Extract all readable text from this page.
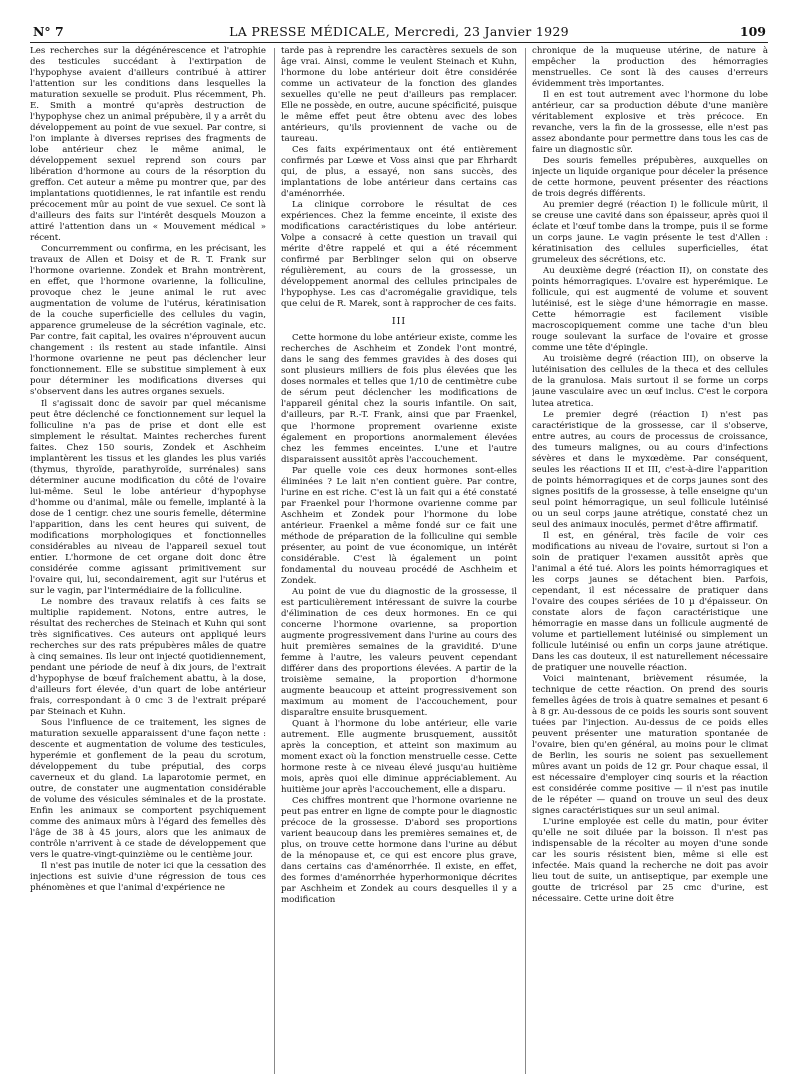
N° 7	LA PRESSE MÉDICALE, Mercredi, 23 Janvier 1929	109

Les recherches sur la dégénérescence et l'atrophie des testicules succédant à l'extirpation de l'hypophyse avaient d'ailleurs contribué à attirer l'attention sur les conditions dans lesquelles la maturation sexuelle se produit. Plus récemment, Ph. E. Smith a montré qu'après destruction de l'hypophyse chez un animal prépubère, il y a arrêt du développement au point de vue sexuel. Par contre, si l'on implante à diverses reprises des fragments de lobe antérieur chez le même animal, le développement sexuel reprend son cours par libération d'hormone au cours de la résorption du greffon. Cet auteur a même pu montrer que, par des implantations quotidiennes, le rat infantile est rendu précocement mûr au point de vue sexuel. Ce sont là d'ailleurs des faits sur l'intérêt desquels Mouzon a attiré l'attention dans un « Mouvement médical » récent.

Concurremment ou confirma, en les précisant, les travaux de Allen et Doisy et de R. T. Frank sur l'hormone ovarienne. Zondek et Brahn montrèrent, en effet, que l'hormone ovarienne, la folliculine, provoque chez le jeune animal le rut avec augmentation de volume de l'utérus, kératinisation de la couche superficielle des cellules du vagin, apparence grumeleuse de la sécrétion vaginale, etc. Par contre, fait capital, les ovaires n'éprouvent aucun changement : ils restent au stade infantile. Ainsi l'hormone ovarienne ne peut pas déclencher leur fonctionnement. Elle se substitue simplement à eux pour déterminer les modifications diverses qui s'observent dans les autres organes sexuels.

Il s'agissait donc de savoir par quel mécanisme peut être déclenché ce fonctionnement sur lequel la folliculine n'a pas de prise et dont elle est simplement le résultat. Maintes recherches furent faites. Chez 150 souris, Zondek et Aschheim implantèrent les tissus et les glandes les plus variés (thymus, thyroïde, parathyroïde, surrénales) sans déterminer aucune modification du côté de l'ovaire lui-même. Seul le lobe antérieur d'hypophyse d'homme ou d'animal, mâle ou femelle, implanté à la dose de 1 centigr. chez une souris femelle, détermine l'apparition, dans les cent heures qui suivent, de modifications morphologiques et fonctionnelles considérables au niveau de l'appareil sexuel tout entier. L'hormone de cet organe doit donc être considérée comme agissant primitivement sur l'ovaire qui, lui, secondairement, agit sur l'utérus et sur le vagin, par l'intermédiaire de la folliculine.

Le nombre des travaux relatifs à ces faits se multiplie rapidement. Notons, entre autres, le résultat des recherches de Steinach et Kuhn qui sont très significatives. Ces auteurs ont appliqué leurs recherches sur des rats prépubères mâles de quatre à cinq semaines. Ils leur ont injecté quotidiennement, pendant une période de neuf à dix jours, de l'extrait d'hypophyse de bœuf fraîchement abattu, à la dose, d'ailleurs fort élevée, d'un quart de lobe antérieur frais, correspondant à 0 cmc 3 de l'extrait préparé par Steinach et Kuhn.

Sous l'influence de ce traitement, les signes de maturation sexuelle apparaissent d'une façon nette : descente et augmentation de volume des testicules, hyperémie et gonflement de la peau du scrotum, développement du tube préputial, des corps caverneux et du gland. La laparotomie permet, en outre, de constater une augmentation considérable de volume des vésicules séminales et de la prostate. Enfin les animaux se comportent psychiquement comme des animaux mûrs à l'égard des femelles dès l'âge de 38 à 45 jours, alors que les animaux de contrôle n'arrivent à ce stade de développement que vers le quatre-vingt-quinzième ou le centième jour.

Il n'est pas inutile de noter ici que la cessation des injections est suivie d'une régression de tous ces phénomènes et que l'animal d'expérience ne

tarde pas à reprendre les caractères sexuels de son âge vrai. Ainsi, comme le veulent Steinach et Kuhn, l'hormone du lobe antérieur doit être considérée comme un activateur de la fonction des glandes sexuelles qu'elle ne peut d'ailleurs pas remplacer. Elle ne possède, en outre, aucune spécificité, puisque le même effet peut être obtenu avec des lobes antérieurs, qu'ils proviennent de vache ou de taureau.

Ces faits expérimentaux ont été entièrement confirmés par Lœwe et Voss ainsi que par Ehrhardt qui, de plus, a essayé, non sans succès, des implantations de lobe antérieur dans certains cas d'aménorrhée.

La clinique corrobore le résultat de ces expériences. Chez la femme enceinte, il existe des modifications caractéristiques du lobe antérieur. Volpe a consacré à cette question un travail qui mérite d'être rappelé et qui a été récemment confirmé par Berblinger selon qui on observe régulièrement, au cours de la grossesse, un développement anormal des cellules principales de l'hypophyse. Les cas d'acromégalie gravidique, tels que celui de R. Marek, sont à rapprocher de ces faits.

III

Cette hormone du lobe antérieur existe, comme les recherches de Aschheim et Zondek l'ont montré, dans le sang des femmes gravides à des doses qui sont plusieurs milliers de fois plus élevées que les doses normales et telles que 1/10 de centimètre cube de sérum peut déclencher les modifications de l'appareil génital chez la souris infantile. On sait, d'ailleurs, par R.-T. Frank, ainsi que par Fraenkel, que l'hormone proprement ovarienne existe également en proportions anormalement élevées chez les femmes enceintes. L'une et l'autre disparaissent aussitôt après l'accouchement.

Par quelle voie ces deux hormones sont-elles éliminées ? Le lait n'en contient guère. Par contre, l'urine en est riche. C'est là un fait qui a été constaté par Fraenkel pour l'hormone ovarienne comme par Aschheim et Zondek pour l'hormone du lobe antérieur. Fraenkel a même fondé sur ce fait une méthode de préparation de la folliculine qui semble présenter, au point de vue économique, un intérêt considérable. C'est là également un point fondamental du nouveau procédé de Aschheim et Zondek.

Au point de vue du diagnostic de la grossesse, il est particulièrement intéressant de suivre la courbe d'élimination de ces deux hormones. En ce qui concerne l'hormone ovarienne, sa proportion augmente progressivement dans l'urine au cours des huit premières semaines de la gravidité. D'une femme à l'autre, les valeurs peuvent cependant différer dans des proportions élevées. A partir de la troisième semaine, la proportion d'hormone augmente beaucoup et atteint progressivement son maximum au moment de l'accouchement, pour disparaître ensuite brusquement.

Quant à l'hormone du lobe antérieur, elle varie autrement. Elle augmente brusquement, aussitôt après la conception, et atteint son maximum au moment exact où la fonction menstruelle cesse. Cette hormone reste à ce niveau élevé jusqu'au huitième mois, après quoi elle diminue appréciablement. Au huitième jour après l'accouchement, elle a disparu.

Ces chiffres montrent que l'hormone ovarienne ne peut pas entrer en ligne de compte pour le diagnostic précoce de la grossesse. D'abord ses proportions varient beaucoup dans les premières semaines et, de plus, on trouve cette hormone dans l'urine au début de la ménopause et, ce qui est encore plus grave, dans certains cas d'aménorrhée. Il existe, en effet, des formes d'aménorrhée hyperhormonique décrites par Aschheim et Zondek au cours desquelles il y a modification

chronique de la muqueuse utérine, de nature à empêcher la production des hémorragies menstruelles. Ce sont là des causes d'erreurs évidemment très importantes.

Il en est tout autrement avec l'hormone du lobe antérieur, car sa production débute d'une manière véritablement explosive et très précoce. En revanche, vers la fin de la grossesse, elle n'est pas assez abondante pour permettre dans tous les cas de faire un diagnostic sûr.

Des souris femelles prépubères, auxquelles on injecte un liquide organique pour déceler la présence de cette hormone, peuvent présenter des réactions de trois degrés différents.

Au premier degré (réaction I) le follicule mûrit, il se creuse une cavité dans son épaisseur, après quoi il éclate et l'œuf tombe dans la trompe, puis il se forme un corps jaune. Le vagin présente le test d'Allen : kératinisation des cellules superficielles, état grumeleux des sécrétions, etc.

Au deuxième degré (réaction II), on constate des points hémorragiques. L'ovaire est hyperémique. Le follicule, qui est augmenté de volume et souvent lutéinisé, est le siège d'une hémorragie en masse. Cette hémorragie est facilement visible macroscopiquement comme une tache d'un bleu rouge soulevant la surface de l'ovaire et grosse comme une tête d'épingle.

Au troisième degré (réaction III), on observe la lutéinisation des cellules de la theca et des cellules de la granulosa. Mais surtout il se forme un corps jaune vasculaire avec un œuf inclus. C'est le corpora lutea atretica.

Le premier degré (réaction I) n'est pas caractéristique de la grossesse, car il s'observe, entre autres, au cours de processus de croissance, des tumeurs malignes, ou au cours d'infections sévères et dans le myxœdème. Par conséquent, seules les réactions II et III, c'est-à-dire l'apparition de points hémorragiques et de corps jaunes sont des signes positifs de la grossesse, à telle enseigne qu'un seul point hémorragique, un seul follicule lutéinisé ou un seul corps jaune atrétique, constaté chez un seul des animaux inoculés, permet d'être affirmatif.

Il est, en général, très facile de voir ces modifications au niveau de l'ovaire, surtout si l'on a soin de pratiquer l'examen aussitôt après que l'animal a été tué. Alors les points hémorragiques et les corps jaunes se détachent bien. Parfois, cependant, il est nécessaire de pratiquer dans l'ovaire des coupes sériées de 10 µ d'épaisseur. On constate alors de façon caractéristique une hémorragie en masse dans un follicule augmenté de volume et partiellement lutéinisé ou simplement un follicule lutéinisé ou enfin un corps jaune atrétique. Dans les cas douteux, il est naturellement nécessaire de pratiquer une nouvelle réaction.

Voici maintenant, brièvement résumée, la technique de cette réaction. On prend des souris femelles âgées de trois à quatre semaines et pesant 6 à 8 gr. Au-dessous de ce poids les souris sont souvent tuées par l'injection. Au-dessus de ce poids elles peuvent présenter une maturation spontanée de l'ovaire, bien qu'en général, au moins pour le climat de Berlin, les souris ne soient pas sexuellement mûres avant un poids de 12 gr. Pour chaque essai, il est nécessaire d'employer cinq souris et la réaction est considérée comme positive — il n'est pas inutile de le répéter — quand on trouve un seul des deux signes caractéristiques sur un seul animal.

L'urine employée est celle du matin, pour éviter qu'elle ne soit diluée par la boisson. Il n'est pas indispensable de la récolter au moyen d'une sonde car les souris résistent bien, même si elle est infectée. Mais quand la recherche ne doit pas avoir lieu tout de suite, un antiseptique, par exemple une goutte de tricrésol par 25 cmc d'urine, est nécessaire. Cette urine doit être
